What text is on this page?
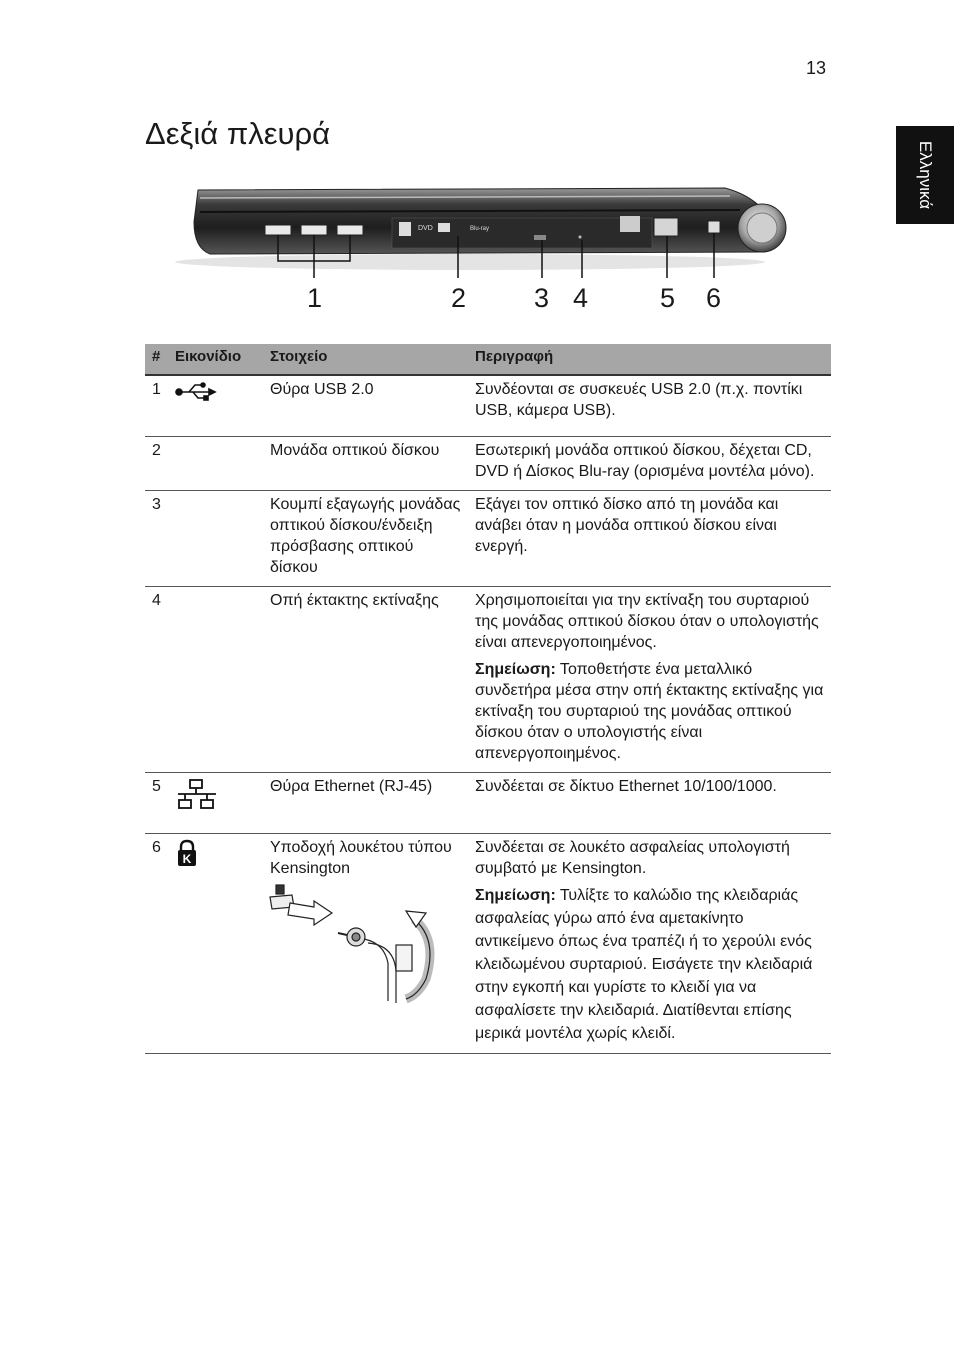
13
Ελληνικά
Δεξιά πλευρά
DVD	Blu-ray
1	2	3 4	5 6
#	Εικονίδιο	Στοιχείο	Περιγραφή
1		Θύρα USB 2.0	Συνδέονται σε συσκευές USB 2.0 (π.χ. ποντίκι USB, κάμερα USB).
2		Μονάδα οπτικού δίσκου	Εσωτερική μονάδα οπτικού δίσκου, δέχεται CD, DVD ή Δίσκος Blu-ray (ορισμένα μοντέλα μόνο).
3		Κουμπί εξαγωγής μονάδας οπτικού δίσκου/ένδειξη πρόσβασης οπτικού δίσκου	Εξάγει τον οπτικό δίσκο από τη μονάδα και ανάβει όταν η μονάδα οπτικού δίσκου είναι ενεργή.
4		Οπή έκτακτης εκτίναξης	Χρησιμοποιείται για την εκτίναξη του συρταριού της μονάδας οπτικού δίσκου όταν ο υπολογιστής είναι απενεργοποιημένος.
Σημείωση: Τοποθετήστε ένα μεταλλικό συνδετήρα μέσα στην οπή έκτακτης εκτίναξης για εκτίναξη του συρταριού της μονάδας οπτικού δίσκου όταν ο υπολογιστής είναι απενεργοποιημένος.

5		Θύρα Ethernet (RJ-45)	Συνδέεται σε δίκτυο Ethernet 10/100/1000.
6	K	Υποδοχή λουκέτου τύπου Kensington	Συνδέεται σε λουκέτο ασφαλείας υπολογιστή συμβατό με Kensington.
Σημείωση: Τυλίξτε το καλώδιο της κλειδαριάς ασφαλείας γύρω από ένα αμετακίνητο αντικείμενο όπως ένα τραπέζι ή το χερούλι ενός κλειδωμένου συρταριού. Εισάγετε την κλειδαριά στην εγκοπή και γυρίστε το κλειδί για να ασφαλίσετε την κλειδαριά. Διατίθενται επίσης μερικά μοντέλα χωρίς κλειδί.
